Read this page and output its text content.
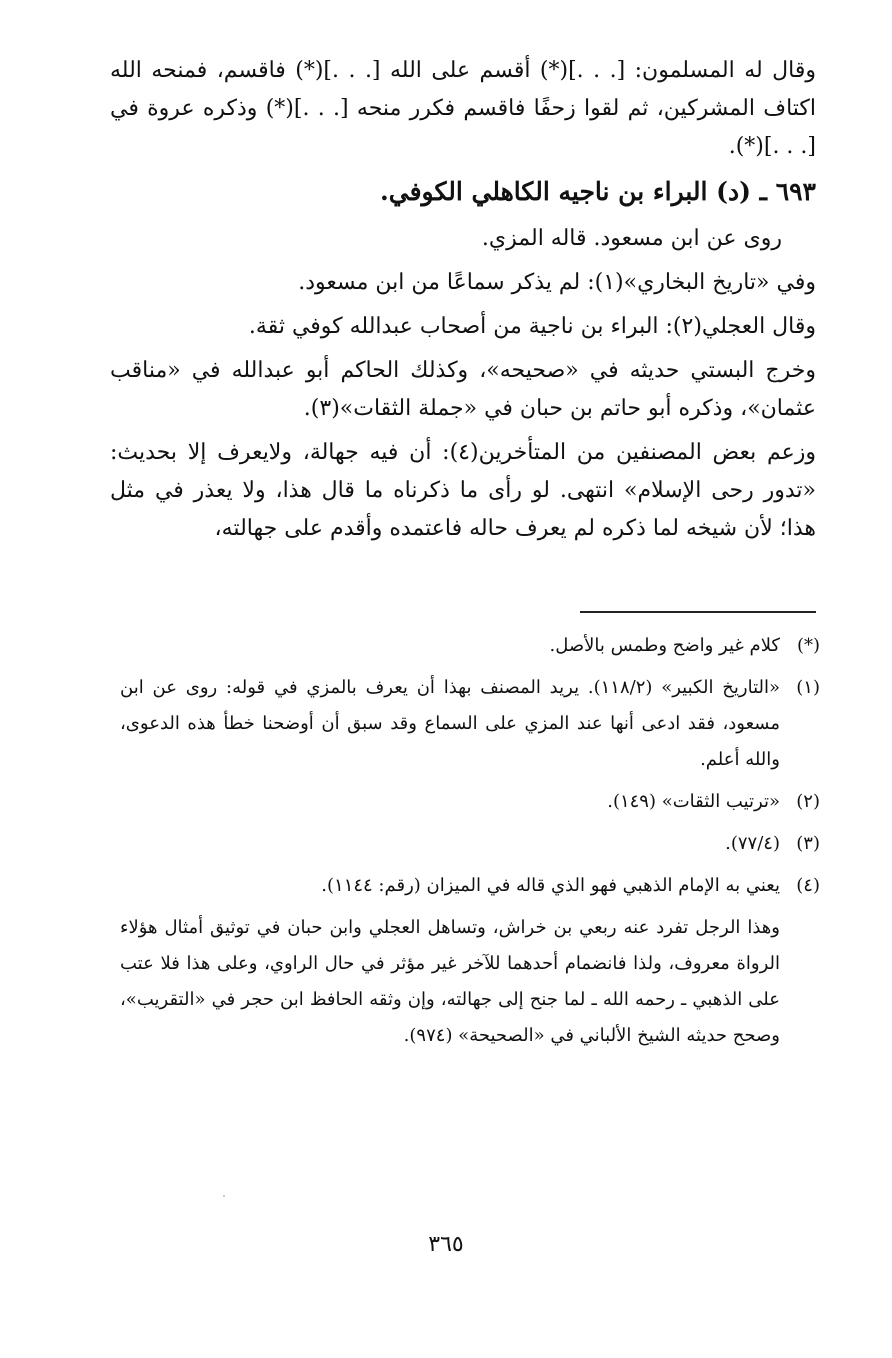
وقال له المسلمون: [. . .](*) أقسم على الله [. . .](*) فاقسم، فمنحه الله اكتاف المشركين، ثم لقوا زحفًا فاقسم فكرر منحه [. . .](*) وذكره عروة في [. . .](*).

٦٩٣ ـ (د) البراء بن ناجيه الكاهلي الكوفي.

روى عن ابن مسعود. قاله المزي.

وفي «تاريخ البخاري»(١): لم يذكر سماعًا من ابن مسعود.

وقال العجلي(٢): البراء بن ناجية من أصحاب عبدالله كوفي ثقة.

وخرج البستي حديثه في «صحيحه»، وكذلك الحاكم أبو عبدالله في «مناقب عثمان»، وذكره أبو حاتم بن حبان في «جملة الثقات»(٣).

وزعم بعض المصنفين من المتأخرين(٤): أن فيه جهالة، ولايعرف إلا بحديث: «تدور رحى الإسلام» انتهى. لو رأى ما ذكرناه ما قال هذا، ولا يعذر في مثل هذا؛ لأن شيخه لما ذكره لم يعرف حاله فاعتمده وأقدم على جهالته،

(*)
كلام غير واضح وطمس بالأصل.
(١)
«التاريخ الكبير» (١١٨/٢). يريد المصنف بهذا أن يعرف بالمزي في قوله: روى عن ابن مسعود، فقد ادعى أنها عند المزي على السماع وقد سبق أن أوضحنا خطأ هذه الدعوى، والله أعلم.
(٢)
«ترتيب الثقات» (١٤٩).
(٣)
(٧٧/٤).
(٤)
يعني به الإمام الذهبي فهو الذي قاله في الميزان (رقم: ١١٤٤).
وهذا الرجل تفرد عنه ربعي بن خراش، وتساهل العجلي وابن حبان في توثيق أمثال هؤلاء الرواة معروف، ولذا فانضمام أحدهما للآخر غير مؤثر في حال الراوي، وعلى هذا فلا عتب على الذهبي ـ رحمه الله ـ لما جنح إلى جهالته، وإن وثقه الحافظ ابن حجر في «التقريب»، وصحح حديثه الشيخ الألباني في «الصحيحة» (٩٧٤).
٣٦٥
